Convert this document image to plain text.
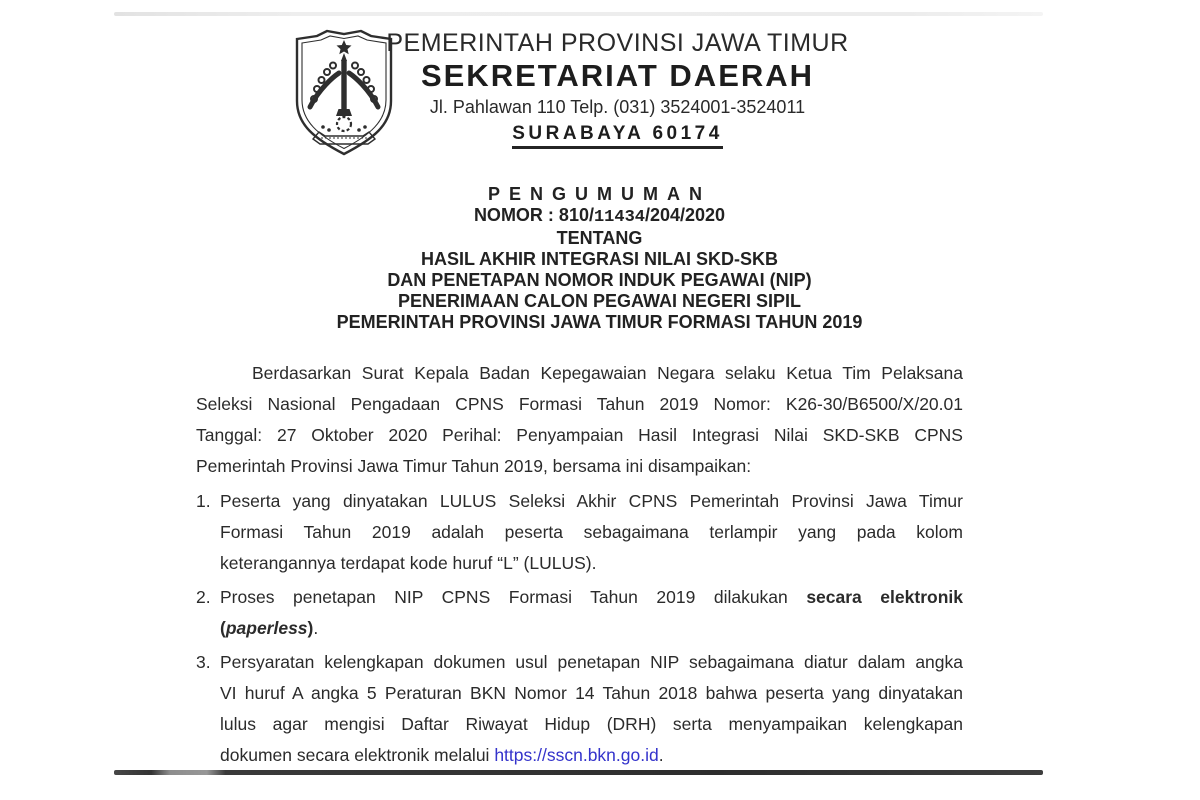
PEMERINTAH PROVINSI JAWA TIMUR
SEKRETARIAT DAERAH
Jl. Pahlawan 110 Telp. (031) 3524001-3524011
SURABAYA 60174
PENGUMUMAN
NOMOR : 810/11434/204/2020
TENTANG
HASIL AKHIR INTEGRASI NILAI SKD-SKB
DAN PENETAPAN NOMOR INDUK PEGAWAI (NIP)
PENERIMAAN CALON PEGAWAI NEGERI SIPIL
PEMERINTAH PROVINSI JAWA TIMUR FORMASI TAHUN 2019
Berdasarkan Surat Kepala Badan Kepegawaian Negara selaku Ketua Tim Pelaksana
Seleksi Nasional Pengadaan CPNS Formasi Tahun 2019 Nomor: K26-30/B6500/X/20.01
Tanggal: 27 Oktober 2020 Perihal: Penyampaian Hasil Integrasi Nilai SKD-SKB CPNS
Pemerintah Provinsi Jawa Timur Tahun 2019, bersama ini disampaikan:
1. Peserta yang dinyatakan LULUS Seleksi Akhir CPNS Pemerintah Provinsi Jawa Timur
Formasi Tahun 2019 adalah peserta sebagaimana terlampir yang pada kolom
keterangannya terdapat kode huruf “L” (LULUS).
2. Proses penetapan NIP CPNS Formasi Tahun 2019 dilakukan secara elektronik
(paperless).
3. Persyaratan kelengkapan dokumen usul penetapan NIP sebagaimana diatur dalam angka
VI huruf A angka 5 Peraturan BKN Nomor 14 Tahun 2018 bahwa peserta yang dinyatakan
lulus agar mengisi Daftar Riwayat Hidup (DRH) serta menyampaikan kelengkapan
dokumen secara elektronik melalui https://sscn.bkn.go.id.
